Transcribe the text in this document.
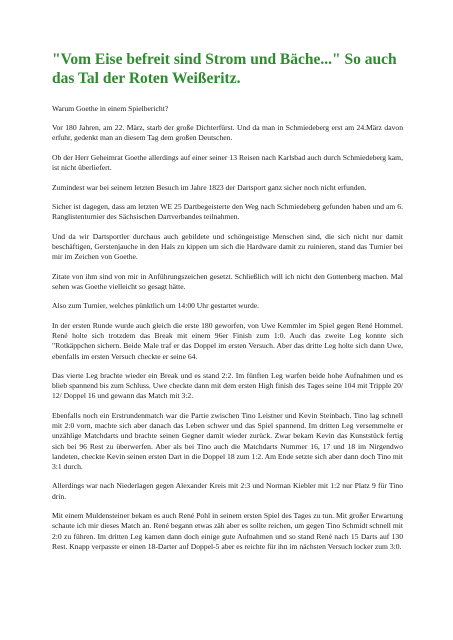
"Vom Eise befreit sind Strom und Bäche..." So auch das Tal der Roten Weißeritz.

Warum Goethe in einem Spielbericht?

Vor 180 Jahren, am 22. März, starb der große Dichterfürst. Und da man in Schmiedeberg erst am 24.März davon erfuhr, gedenkt man an diesem Tag dem großen Deutschen.

Ob der Herr Geheimrat Goethe allerdings auf einer seiner 13 Reisen nach Karlsbad auch durch Schmiedeberg kam, ist nicht überliefert.

Zumindest war bei seinem letzten Besuch im Jahre 1823 der Dartsport ganz sicher noch nicht erfunden.

Sicher ist dagegen, dass am letzten WE 25 Dartbegeisterte den Weg nach Schmiedeberg gefunden haben und am 6. Ranglistenturnier des Sächsischen Dartverbandes teilnahmen.

Und da wir Dartsportler durchaus auch gebildete und schöngeistige Menschen sind, die sich nicht nur damit beschäftigen, Gerstenjauche in den Hals zu kippen um sich die Hardware damit zu ruinieren, stand das Turnier bei mir im Zeichen von Goethe.

Zitate von ihm sind von mir in Anführungszeichen gesetzt. Schließlich will ich nicht den Guttenberg machen. Mal sehen was Goethe vielleicht so gesagt hätte.

Also zum Turnier, welches pünktlich um 14:00 Uhr gestartet wurde.

In der ersten Runde wurde auch gleich die erste 180 geworfen, von Uwe Kemmler im Spiel gegen René Hommel. René holte sich trotzdem das Break mit einem 96er Finish zum 1:0. Auch das zweite Leg konnte sich "Rotkäppchen sichern. Beide Male traf er das Doppel im ersten Versuch. Aber das dritte Leg holte sich dann Uwe, ebenfalls im ersten Versuch checkte er seine 64.

Das vierte Leg brachte wieder ein Break und es stand 2:2. Im fünften Leg warfen beide hohe Aufnahmen und es blieb spannend bis zum Schluss. Uwe checkte dann mit dem ersten High finish des Tages seine 104 mit Tripple 20/ 12/ Doppel 16 und gewann das Match mit 3:2.

Ebenfalls noch ein Erstrundenmatch war die Partie zwischen Tino Leistner und Kevin Steinbach. Tino lag schnell mit 2:0 vorn, machte sich aber danach das Leben schwer und das Spiel spannend. Im dritten Leg versemmelte er unzählige Matchdarts und brachte seinen Gegner damit wieder zurück. Zwar bekam Kevin das Kunststück fertig sich bei 96 Rest zu überwerfen. Aber als bei Tino auch die Matchdarts Nummer 16, 17 und 18 im Nirgendwo landeten, checkte Kevin seinen ersten Dart in die Doppel 18 zum 1:2. Am Ende setzte sich aber dann doch Tino mit 3:1 durch.

Allerdings war nach Niederlagen gegen Alexander Kreis mit 2:3 und Norman Kiebler mit 1:2 nur Platz 9 für Tino drin.

Mit einem Muldensteiner bekam es auch René Pohl in seinem ersten Spiel des Tages zu tun. Mit großer Erwartung schaute ich mir dieses Match an. René begann etwas zäh aber es sollte reichen, um gegen Tino Schmidt schnell mit 2:0 zu führen. Im dritten Leg kamen dann doch einige gute Aufnahmen und so stand René nach 15 Darts auf 130 Rest. Knapp verpasste er einen 18-Darter auf Doppel-5 aber es reichte für ihn im nächsten Versuch locker zum 3:0.
